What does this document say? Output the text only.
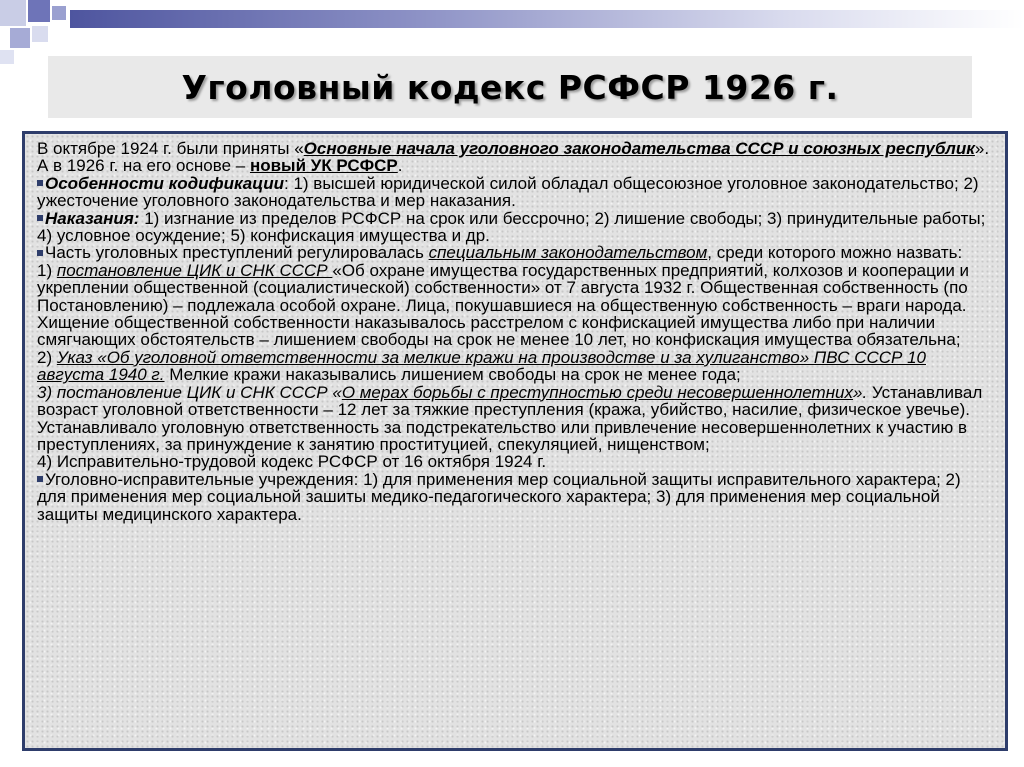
Уголовный кодекс РСФСР 1926 г.

В октябре 1924 г. были приняты «Основные начала уголовного законодательства СССР и союзных республик». А в 1926 г. на его основе – новый УК РСФСР.

Особенности кодификации: 1) высшей юридической силой обладал общесоюзное уголовное законодательство; 2) ужесточение уголовного законодательства и мер наказания.

Наказания: 1) изгнание из пределов РСФСР на срок или бессрочно; 2) лишение свободы; 3) принудительные работы; 4) условное осуждение; 5) конфискация имущества и др.

Часть уголовных преступлений регулировалась специальным законодательством, среди которого можно назвать:

1) постановление ЦИК и СНК СССР «Об охране имущества государственных предприятий, колхозов и кооперации и укреплении общественной (социалистической) собственности» от 7 августа 1932 г. Общественная собственность (по Постановлению) – подлежала особой охране. Лица, покушавшиеся на общественную собственность – враги народа. Хищение общественной собственности наказывалось расстрелом с конфискацией имущества либо при наличии смягчающих обстоятельств – лишением свободы на срок не менее 10 лет, но конфискация имущества обязательна;

2) Указ «Об уголовной ответственности за мелкие кражи на производстве и за хулиганство» ПВС СССР 10 августа 1940 г. Мелкие кражи наказывались лишением свободы на срок не менее года;

3) постановление ЦИК и СНК СССР «О мерах борьбы с преступностью среди несовершеннолетних». Устанавливал возраст уголовной ответственности – 12 лет за тяжкие преступления (кража, убийство, насилие, физическое увечье). Устанавливало уголовную ответственность за подстрекательство или привлечение несовершеннолетних к участию в преступлениях, за принуждение к занятию проституцией, спекуляцией, нищенством;

4) Исправительно-трудовой кодекс РСФСР от 16 октября 1924 г.

Уголовно-исправительные учреждения: 1) для применения мер социальной защиты исправительного характера; 2) для применения мер социальной зашиты медико-педагогического характера; 3) для применения мер социальной защиты медицинского характера.
